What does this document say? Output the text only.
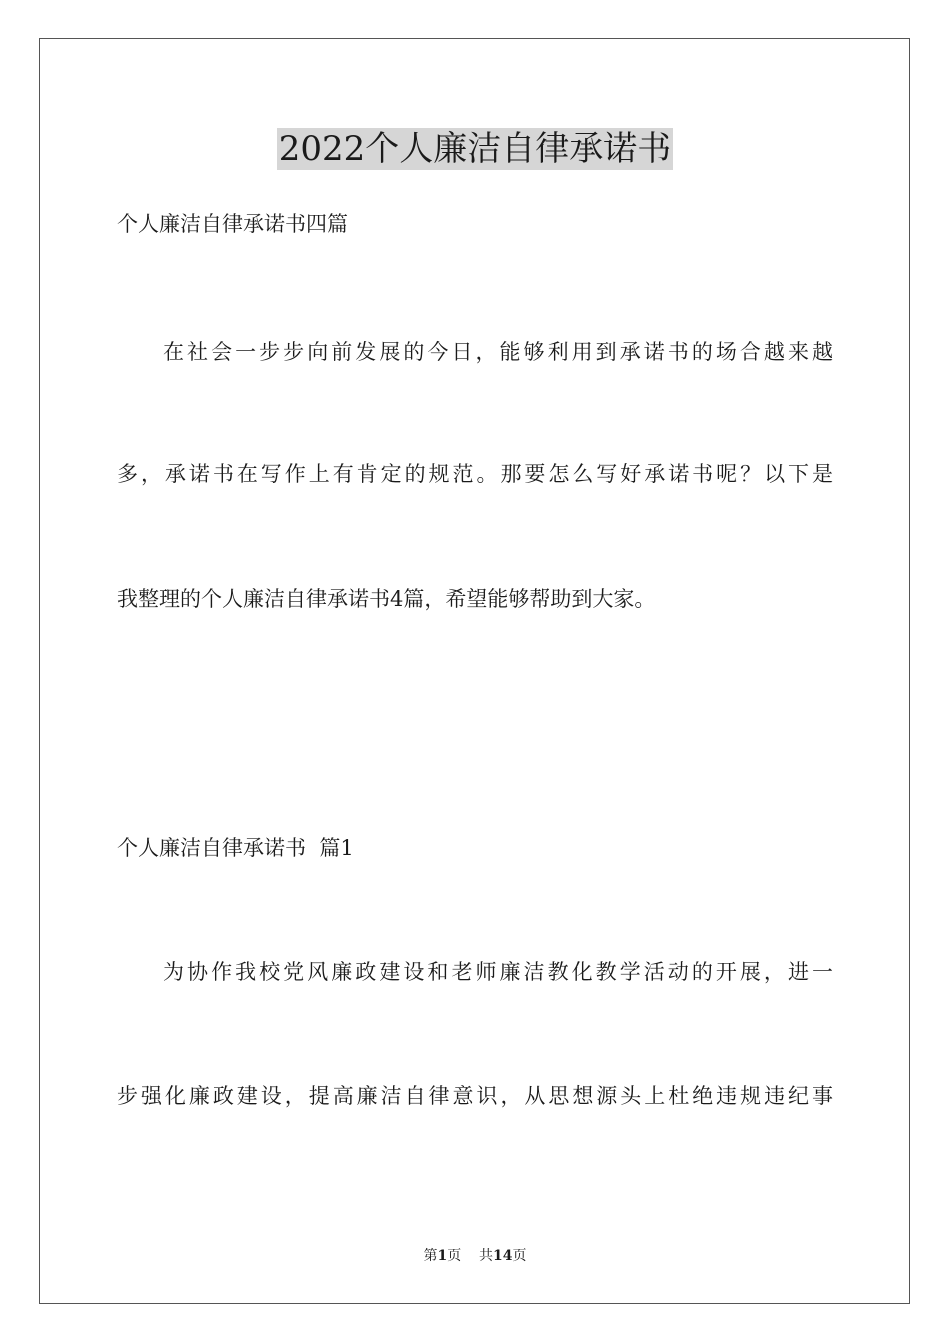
2022个人廉洁自律承诺书
个人廉洁自律承诺书四篇
在社会一步步向前发展的今日，能够利用到承诺书的场合越来越
多，承诺书在写作上有肯定的规范。那要怎么写好承诺书呢？以下是
我整理的个人廉洁自律承诺书4篇，希望能够帮助到大家。
个人廉洁自律承诺书  篇1
为协作我校党风廉政建设和老师廉洁教化教学活动的开展，进一
步强化廉政建设，提高廉洁自律意识，从思想源头上杜绝违规违纪事
第1页 共14页
